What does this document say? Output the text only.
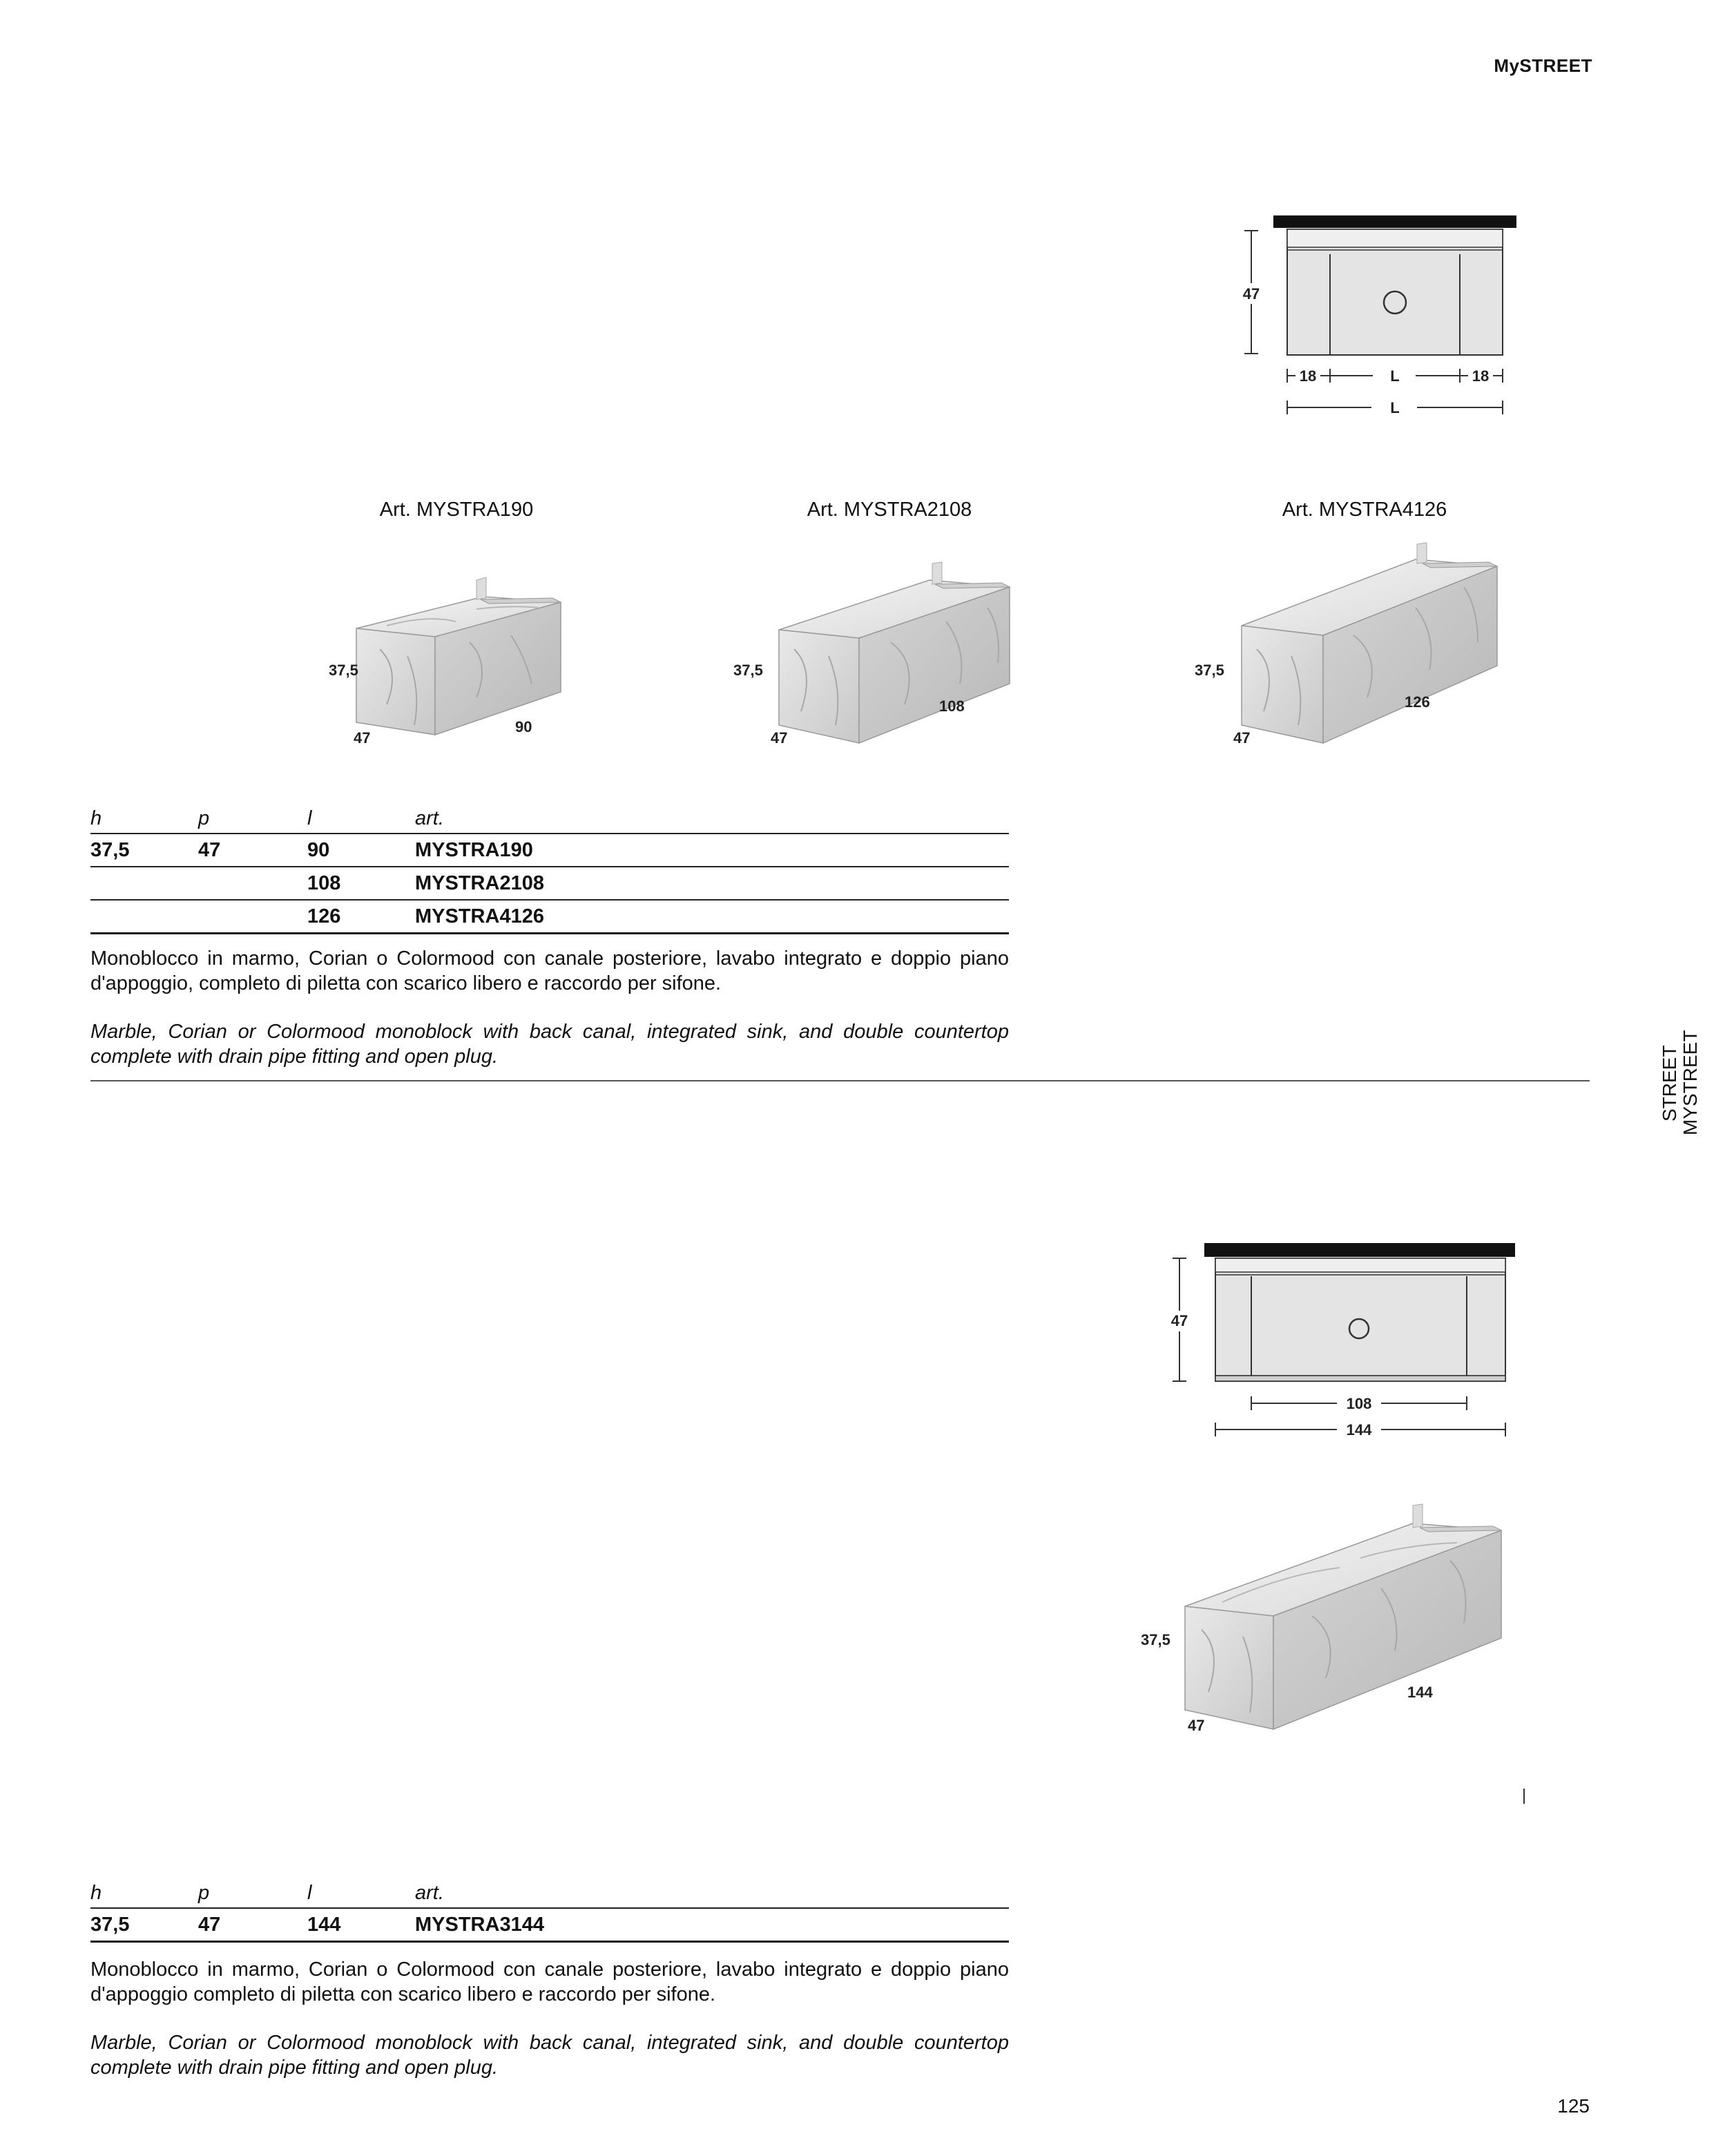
MySTREET
STREET MYSTREET
47
18	L	18
L
Art. MYSTRA190	Art. MYSTRA2108	Art. MYSTRA4126
37,5
47
90
37,5
47
108
37,5
47
126
h	p	l	art.
37,5	47	90	MYSTRA190
		108	MYSTRA2108
		126	MYSTRA4126
Monoblocco in marmo, Corian o Colormood con canale posteriore, lavabo integrato e doppio piano d'appoggio, completo di piletta con scarico libero e raccordo per sifone.
Marble, Corian or Colormood monoblock with back canal, integrated sink, and double countertop complete with drain pipe fitting and open plug.
47
108
144
37,5
47
144
h	p	l	art.
37,5	47	144	MYSTRA3144
Monoblocco in marmo, Corian o Colormood con canale posteriore, lavabo integrato e doppio piano d'appoggio completo di piletta con scarico libero e raccordo per sifone.
Marble, Corian or Colormood monoblock with back canal, integrated sink, and double countertop complete with drain pipe fitting and open plug.
125
